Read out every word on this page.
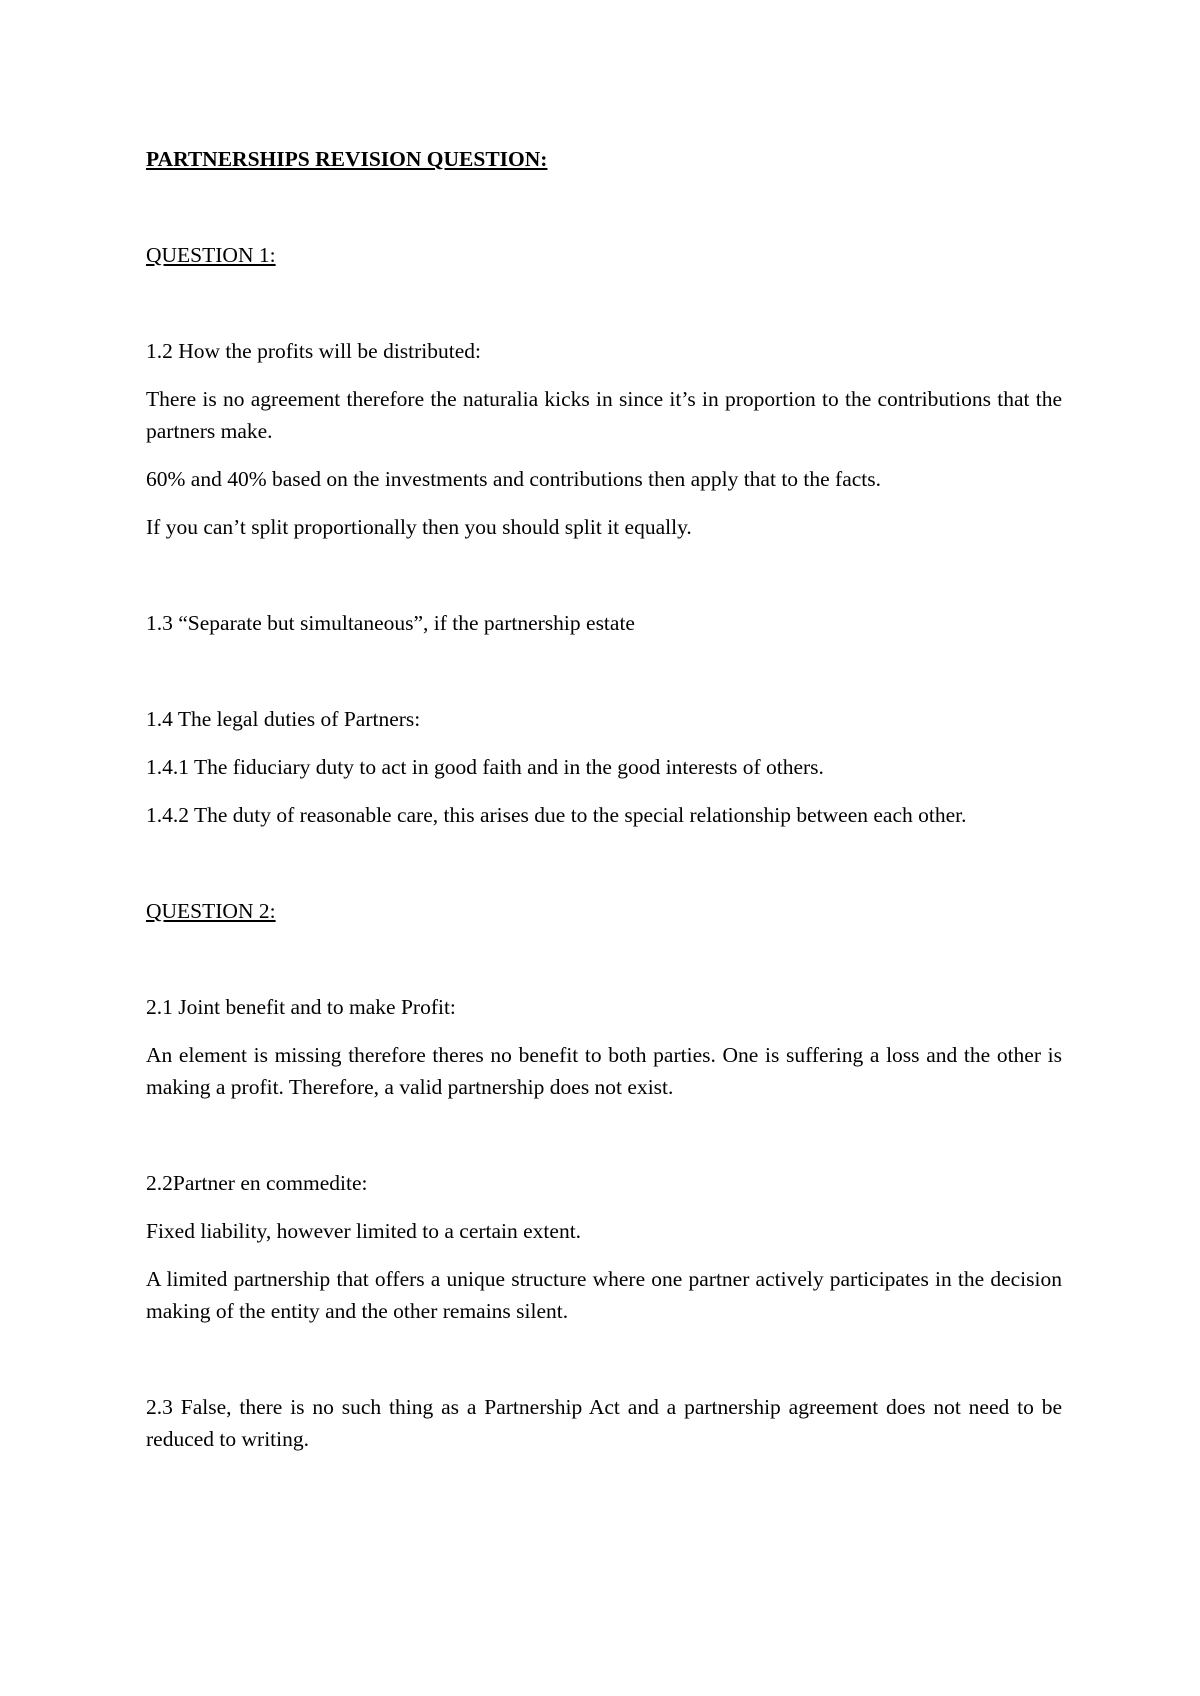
PARTNERSHIPS REVISION QUESTION:

QUESTION 1:

1.2 How the profits will be distributed:

There is no agreement therefore the naturalia kicks in since it’s in proportion to the contributions that the partners make.

60% and 40% based on the investments and contributions then apply that to the facts.

If you can’t split proportionally then you should split it equally.

1.3 “Separate but simultaneous”, if the partnership estate

1.4 The legal duties of Partners:

1.4.1 The fiduciary duty to act in good faith and in the good interests of others.

1.4.2 The duty of reasonable care, this arises due to the special relationship between each other.

QUESTION 2:

2.1 Joint benefit and to make Profit:

An element is missing therefore theres no benefit to both parties. One is suffering a loss and the other is making a profit. Therefore, a valid partnership does not exist.

2.2Partner en commedite:

Fixed liability, however limited to a certain extent.

A limited partnership that offers a unique structure where one partner actively participates in the decision making of the entity and the other remains silent.

2.3 False, there is no such thing as a Partnership Act and a partnership agreement does not need to be reduced to writing.
